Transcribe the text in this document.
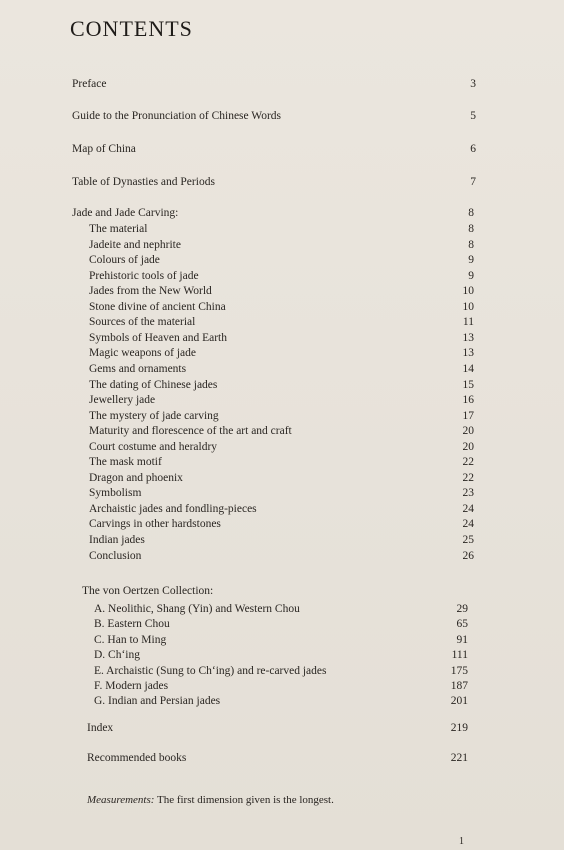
CONTENTS
Preface	3
Guide to the Pronunciation of Chinese Words	5
Map of China	6
Table of Dynasties and Periods	7
Jade and Jade Carving:	8
The material	8
Jadeite and nephrite	8
Colours of jade	9
Prehistoric tools of jade	9
Jades from the New World	10
Stone divine of ancient China	10
Sources of the material	11
Symbols of Heaven and Earth	13
Magic weapons of jade	13
Gems and ornaments	14
The dating of Chinese jades	15
Jewellery jade	16
The mystery of jade carving	17
Maturity and florescence of the art and craft	20
Court costume and heraldry	20
The mask motif	22
Dragon and phoenix	22
Symbolism	23
Archaistic jades and fondling-pieces	24
Carvings in other hardstones	24
Indian jades	25
Conclusion	26
The von Oertzen Collection:
A. Neolithic, Shang (Yin) and Western Chou	29
B. Eastern Chou	65
C. Han to Ming	91
D. Ch‘ing	111
E. Archaistic (Sung to Ch‘ing) and re-carved jades	175
F. Modern jades	187
G. Indian and Persian jades	201
Index	219
Recommended books	221
Measurements: The first dimension given is the longest.
1
